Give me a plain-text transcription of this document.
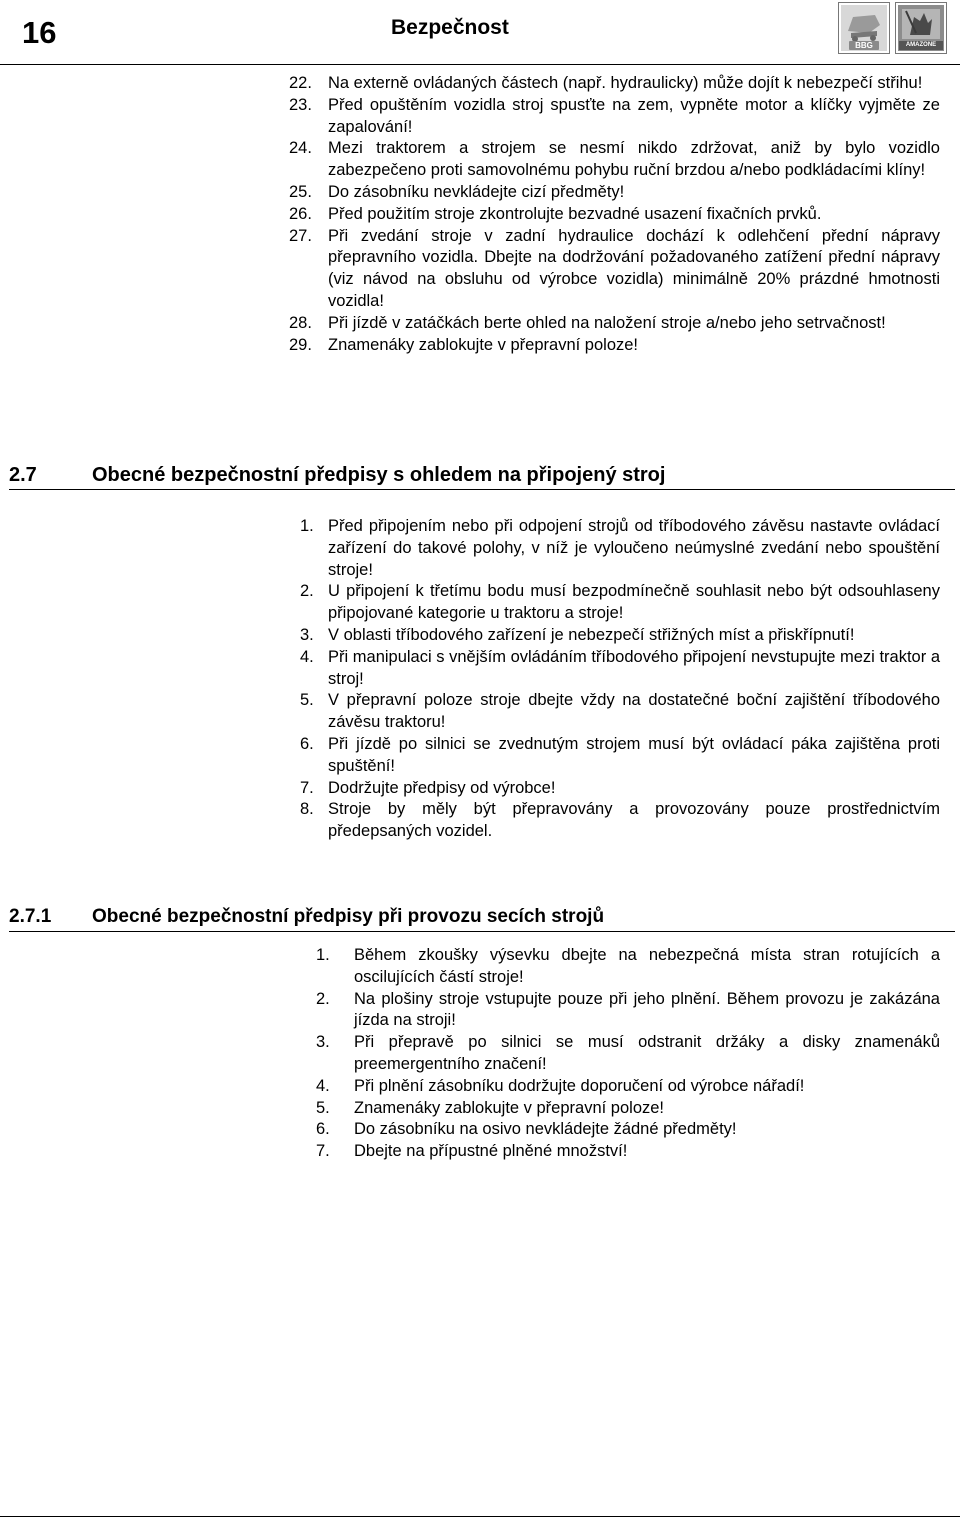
16	Bezpečnost
BBG	AMAZONE
22. Na externě ovládaných částech (např. hydraulicky) může dojít k nebezpečí střihu!
23. Před opuštěním vozidla stroj spusťte na zem, vypněte motor a klíčky vyjměte ze zapalování!
24. Mezi traktorem a strojem se nesmí nikdo zdržovat, aniž by bylo vozidlo zabezpečeno proti samovolnému pohybu ruční brzdou a/nebo podkládacími klíny!
25. Do zásobníku nevkládejte cizí předměty!
26. Před použitím stroje zkontrolujte bezvadné usazení fixačních prvků.
27. Při zvedání stroje v zadní hydraulice dochází k odlehčení přední nápravy přepravního vozidla. Dbejte na dodržování požadovaného zatížení přední nápravy (viz návod na obsluhu od výrobce vozidla) minimálně 20% prázdné hmotnosti vozidla!
28. Při jízdě v zatáčkách berte ohled na naložení stroje a/nebo jeho setrvačnost!
29. Znamenáky zablokujte v přepravní poloze!
2.7	Obecné bezpečnostní předpisy s ohledem na připojený stroj
1. Před připojením nebo při odpojení strojů od tříbodového závěsu nastavte ovládací zařízení do takové polohy, v níž je vyloučeno neúmyslné zvedání nebo spouštění stroje!
2. U připojení k třetímu bodu musí bezpodmínečně souhlasit nebo být odsouhlaseny připojované kategorie u traktoru a stroje!
3. V oblasti tříbodového zařízení je nebezpečí střižných míst a přiskřípnutí!
4. Při manipulaci s vnějším ovládáním tříbodového připojení nevstupujte mezi traktor a stroj!
5. V přepravní poloze stroje dbejte vždy na dostatečné boční zajištění tříbodového závěsu traktoru!
6. Při jízdě po silnici se zvednutým strojem musí být ovládací páka zajištěna proti spuštění!
7. Dodržujte předpisy od výrobce!
8. Stroje by měly být přepravovány a provozovány pouze prostřednictvím předepsaných vozidel.
2.7.1 Obecné bezpečnostní předpisy při provozu secích strojů
1. Během zkoušky výsevku dbejte na nebezpečná místa stran rotujících a oscilujících částí stroje!
2. Na plošiny stroje vstupujte pouze při jeho plnění. Během provozu je zakázána jízda na stroji!
3. Při přepravě po silnici se musí odstranit držáky a disky znamenáků preemergentního značení!
4. Při plnění zásobníku dodržujte doporučení od výrobce nářadí!
5. Znamenáky zablokujte v přepravní poloze!
6. Do zásobníku na osivo nevkládejte žádné předměty!
7. Dbejte na přípustné plněné množství!
